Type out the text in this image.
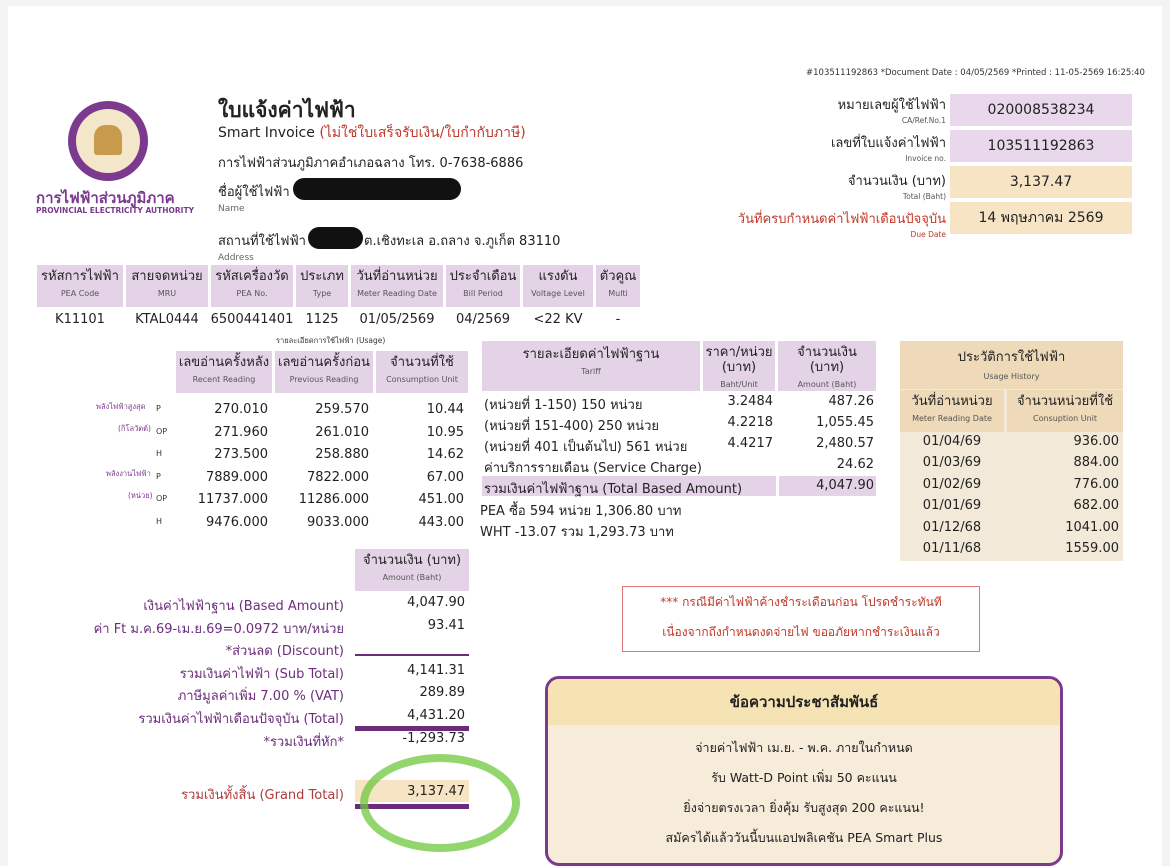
#103511192863 *Document Date : 04/05/2569 *Printed : 11-05-2569 16:25:40
การไฟฟ้าส่วนภูมิภาค
PROVINCIAL ELECTRICITY AUTHORITY
ใบแจ้งค่าไฟฟ้า
Smart Invoice (ไม่ใช่ใบเสร็จรับเงิน/ใบกำกับภาษี)
การไฟฟ้าส่วนภูมิภาคอำเภอฉลาง โทร. 0-7638-6886
ชื่อผู้ใช้ไฟฟ้า
Name
สถานที่ใช้ไฟฟ้า	ต.เชิงทะเล อ.ถลาง จ.ภูเก็ต 83110
Address
หมายเลขผู้ใช้ไฟฟ้า
CA/Ref.No.1
020008538234
เลขที่ใบแจ้งค่าไฟฟ้า
Invoice no.
103511192863
จำนวนเงิน (บาท)
Total (Baht)
3,137.47
วันที่ครบกำหนดค่าไฟฟ้าเดือนปัจจุบัน
Due Date
14 พฤษภาคม 2569
รหัสการไฟฟ้า
PEA Code
สายจดหน่วย
MRU
รหัสเครื่องวัด
PEA No.
ประเภท
Type
วันที่อ่านหน่วย
Meter Reading Date
ประจำเดือน
Bill Period
แรงดัน
Voltage Level
ตัวคูณ
Multi
K11101	KTAL0444 6500441401 1125	01/05/2569	04/2569	<22 KV	-
รายละเอียดการใช้ไฟฟ้า (Usage)
เลขอ่านครั้งหลัง
Recent Reading
เลขอ่านครั้งก่อน
Previous Reading
จำนวนที่ใช้
Consumption Unit
พลังไฟฟ้าสูงสุด
(กิโลวัตต์)
พลังงานไฟฟ้า
(หน่วย)
P	270.010	259.570	10.44
OP	271.960	261.010	10.95
H	273.500	258.880	14.62
P	7889.000	7822.000	67.00
OP	11737.000	11286.000	451.00
H	9476.000	9033.000	443.00
รายละเอียดค่าไฟฟ้าฐาน
Tariff
ราคา/หน่วย (บาท)
Baht/Unit
จำนวนเงิน (บาท)
Amount (Baht)
(หน่วยที่ 1-150) 150 หน่วย	3.2484	487.26
(หน่วยที่ 151-400) 250 หน่วย	4.2218	1,055.45
(หน่วยที่ 401 เป็นต้นไป) 561 หน่วย	4.4217	2,480.57
ค่าบริการรายเดือน (Service Charge)	24.62
รวมเงินค่าไฟฟ้าฐาน (Total Based Amount)	4,047.90
PEA ซื้อ 594 หน่วย 1,306.80 บาท
WHT -13.07 รวม 1,293.73 บาท
ประวัติการใช้ไฟฟ้า
Usage History
วันที่อ่านหน่วย
Meter Reading Date
จำนวนหน่วยที่ใช้
Consuption Unit
01/04/69	936.00
01/03/69	884.00
01/02/69	776.00
01/01/69	682.00
01/12/68	1041.00
01/11/68	1559.00
จำนวนเงิน (บาท)
Amount (Baht)
เงินค่าไฟฟ้าฐาน (Based Amount)	4,047.90
ค่า Ft ม.ค.69-เม.ย.69=0.0972 บาท/หน่วย	93.41
*ส่วนลด (Discount)
รวมเงินค่าไฟฟ้า (Sub Total)	4,141.31
ภาษีมูลค่าเพิ่ม 7.00 % (VAT)	289.89
รวมเงินค่าไฟฟ้าเดือนปัจจุบัน (Total)	4,431.20
*รวมเงินที่หัก*	-1,293.73
รวมเงินทั้งสิ้น (Grand Total)	3,137.47
*** กรณีมีค่าไฟฟ้าค้างชำระเดือนก่อน โปรดชำระทันที
เนื่องจากถึงกำหนดงดจ่ายไฟ ขออภัยหากชำระเงินแล้ว
ข้อความประชาสัมพันธ์
จ่ายค่าไฟฟ้า เม.ย. - พ.ค. ภายในกำหนด
รับ Watt-D Point เพิ่ม 50 คะแนน
ยิ่งจ่ายตรงเวลา ยิ่งคุ้ม รับสูงสุด 200 คะแนน!
สมัครได้แล้ววันนี้บนแอปพลิเคชัน PEA Smart Plus
